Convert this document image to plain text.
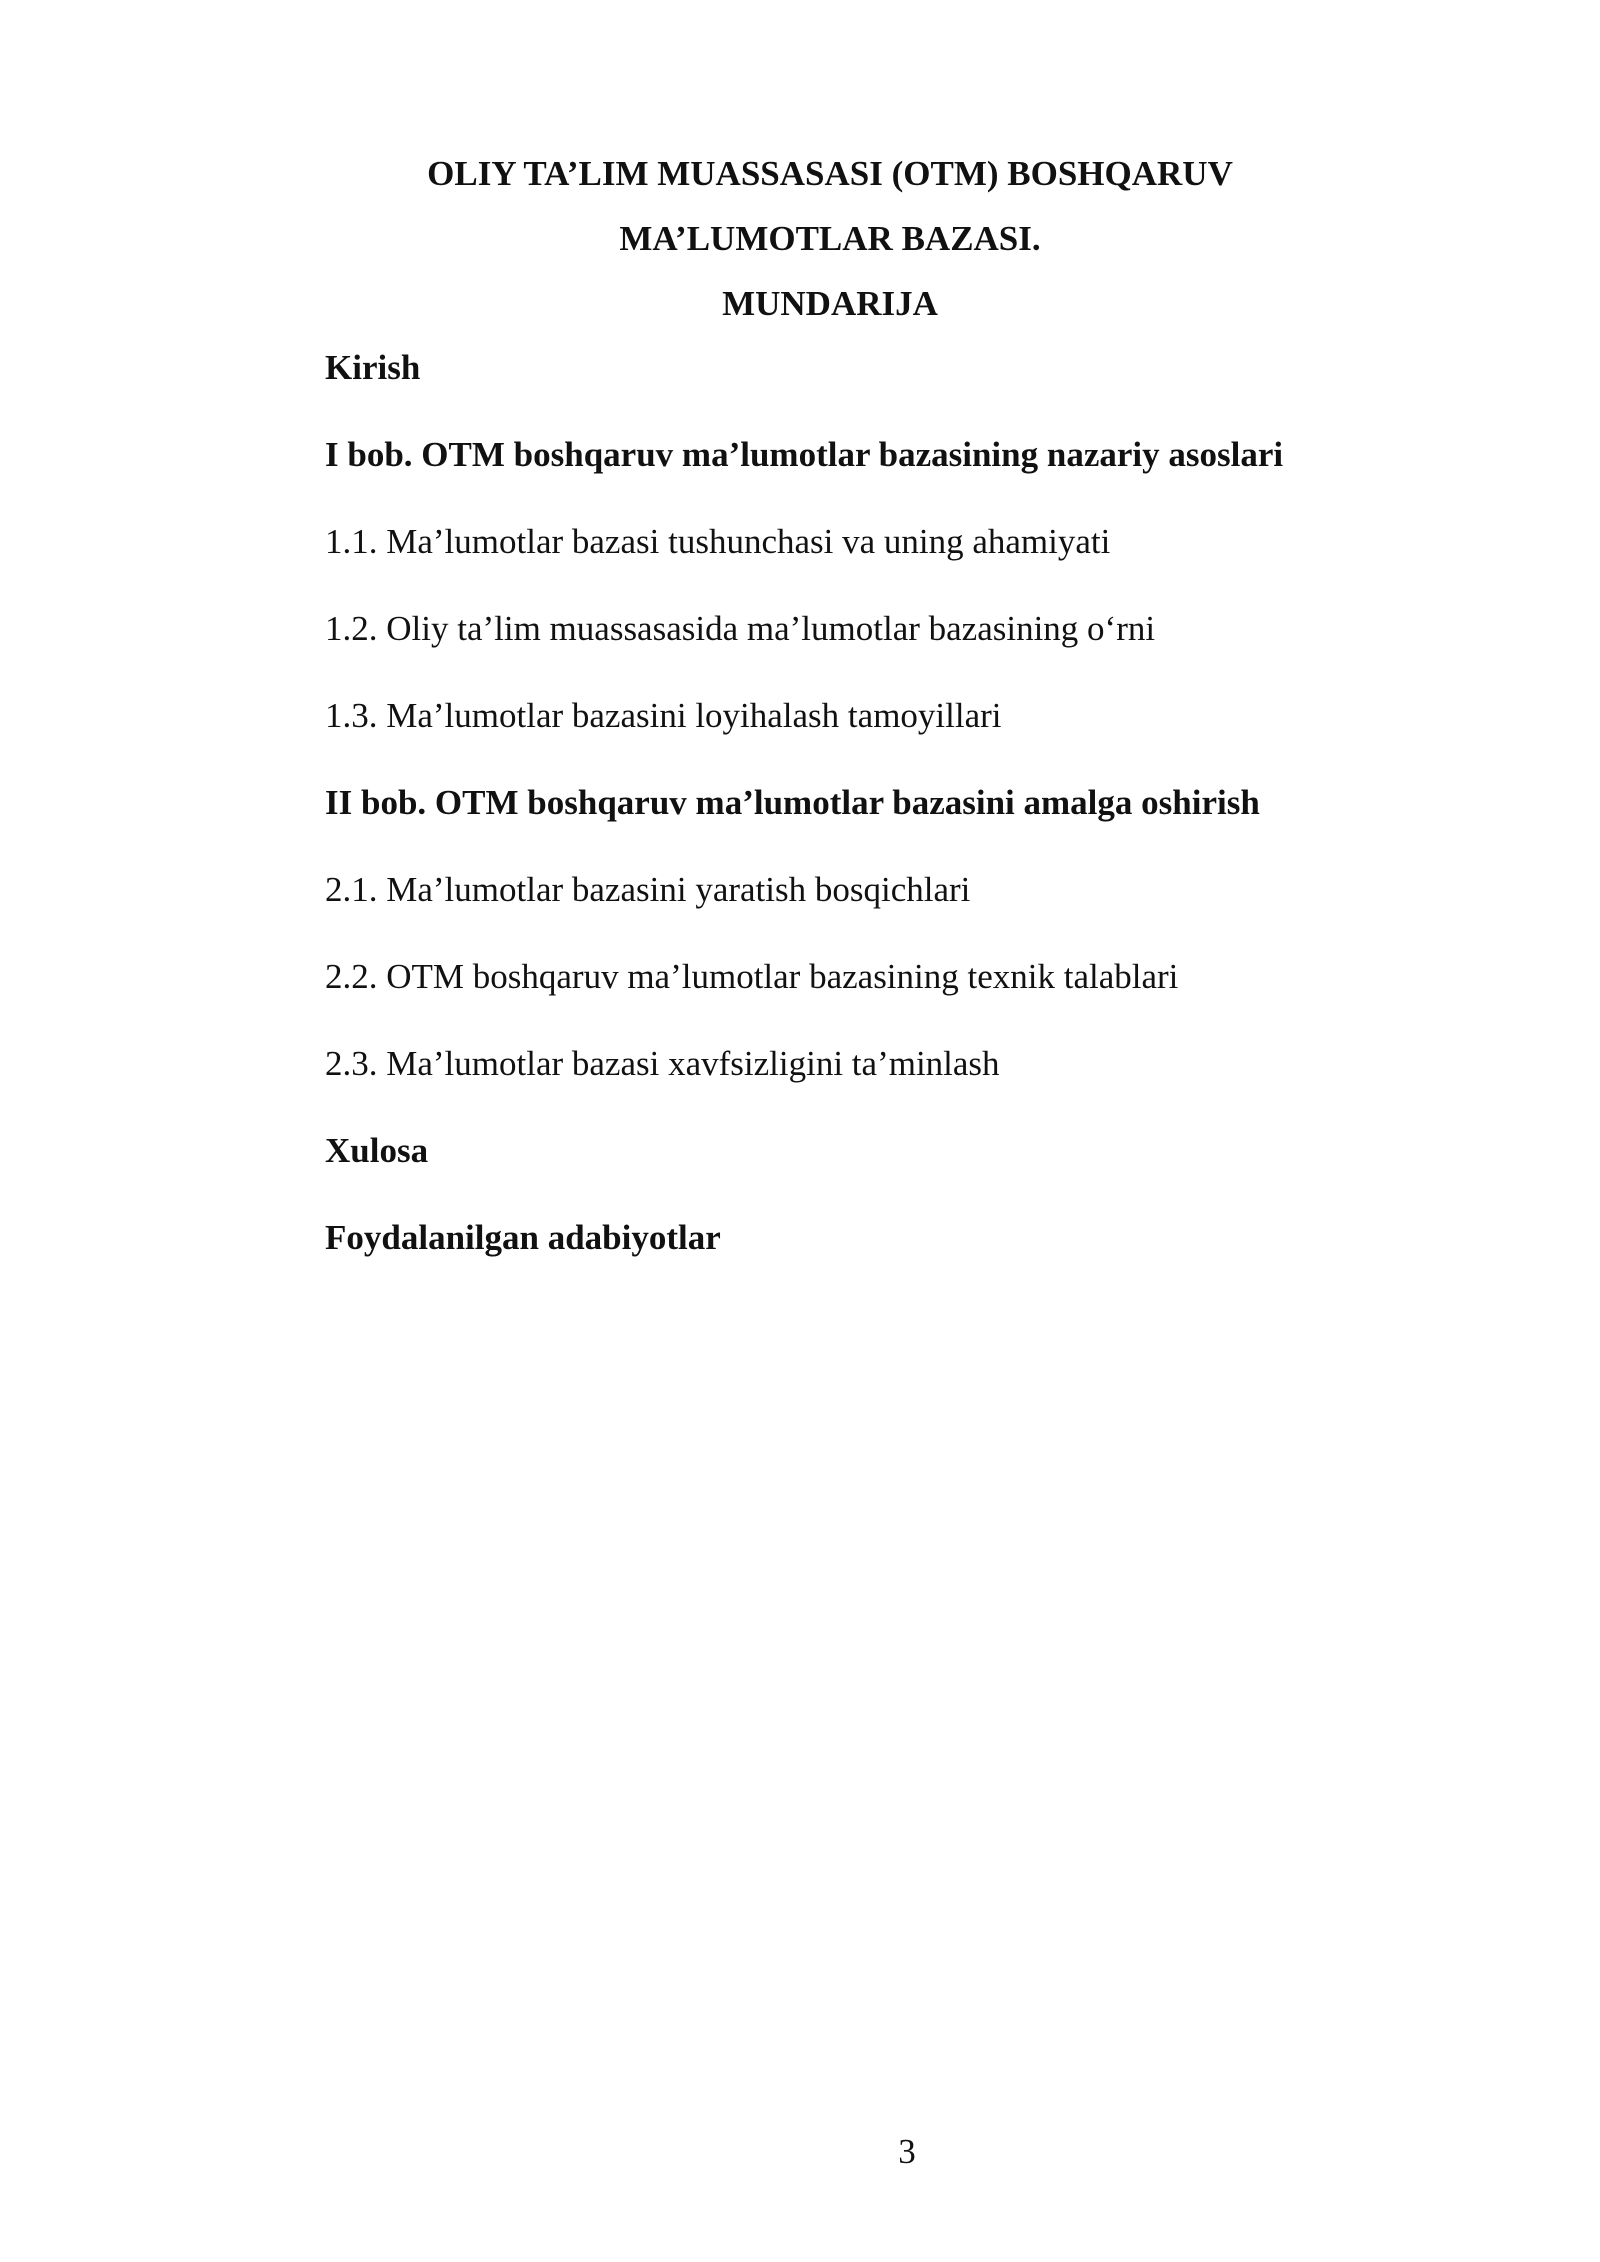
OLIY TA’LIM MUASSASASI (OTM) BOSHQARUV
MA’LUMOTLAR BAZASI.
MUNDARIJA
Kirish
I bob. OTM boshqaruv ma’lumotlar bazasining nazariy asoslari
1.1. Ma’lumotlar bazasi tushunchasi va uning ahamiyati
1.2. Oliy ta’lim muassasasida ma’lumotlar bazasining o‘rni
1.3. Ma’lumotlar bazasini loyihalash tamoyillari
II bob. OTM boshqaruv ma’lumotlar bazasini amalga oshirish
2.1. Ma’lumotlar bazasini yaratish bosqichlari
2.2. OTM boshqaruv ma’lumotlar bazasining texnik talablari
2.3. Ma’lumotlar bazasi xavfsizligini ta’minlash
Xulosa
Foydalanilgan adabiyotlar
3
